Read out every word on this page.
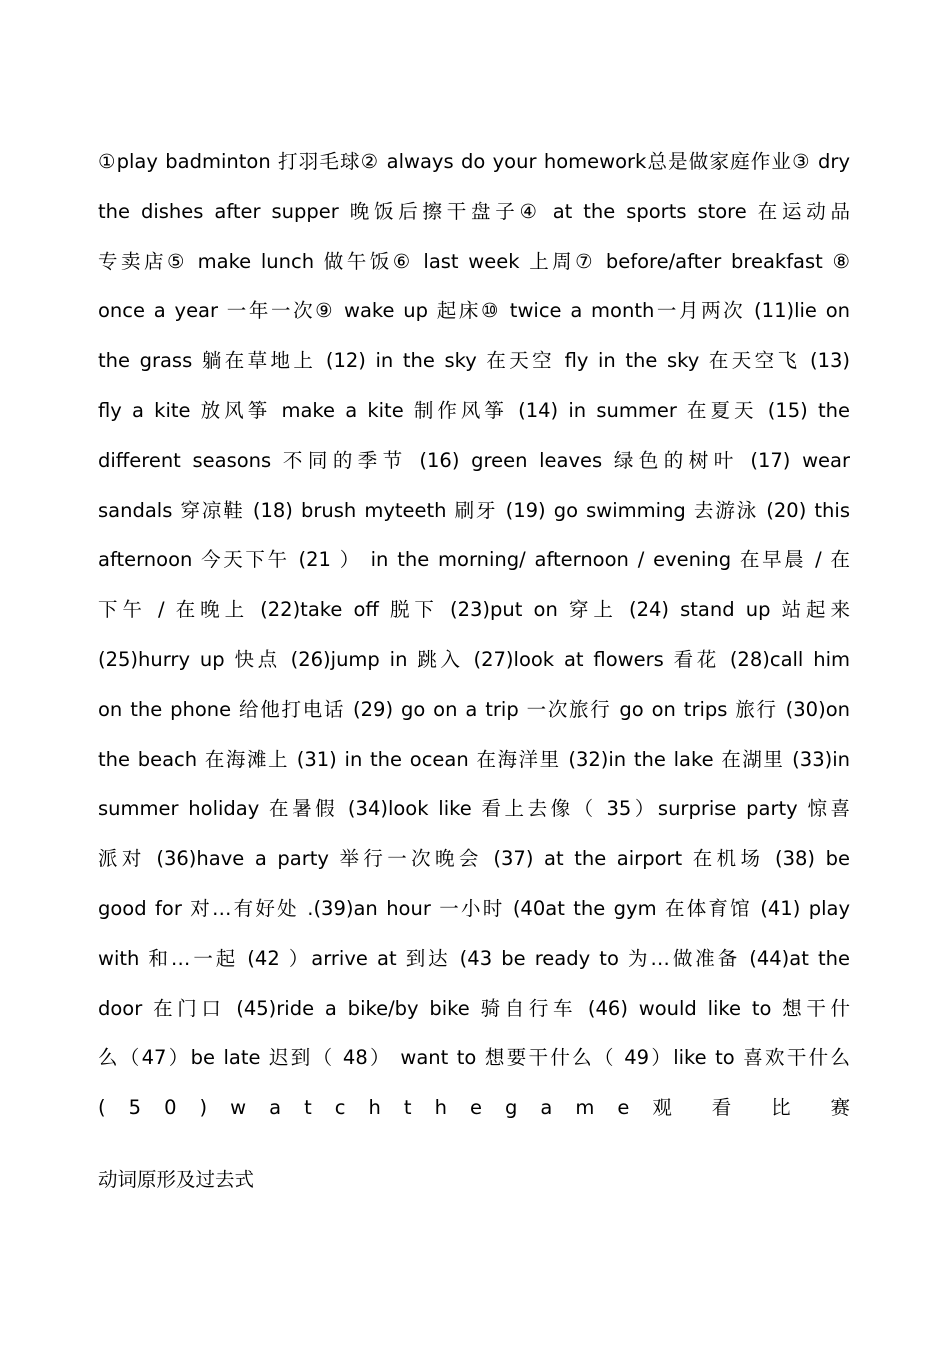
①play badminton 打羽毛球② always do your homework总是做家庭作业③ dry
the dishes after supper 晚饭后擦干盘子④ at the sports store 在运动品
专卖店⑤ make lunch 做午饭⑥ last week 上周⑦ before/after breakfast ⑧
once a year 一年一次⑨ wake up 起床⑩ twice a month一月两次 (11)lie on
the grass 躺在草地上 (12) in the sky 在天空 fly in the sky 在天空飞 (13)
fly a kite 放风筝 make a kite 制作风筝 (14) in summer 在夏天 (15) the
different seasons 不同的季节 (16) green leaves 绿色的树叶 (17) wear
sandals 穿凉鞋 (18) brush myteeth 刷牙 (19) go swimming 去游泳 (20) this
afternoon 今天下午 (21 ） in the morning/ afternoon / evening 在早晨 / 在
下午 / 在晚上 (22)take off 脱下 (23)put on 穿上 (24) stand up 站起来
(25)hurry up 快点 (26)jump in 跳入 (27)look at flowers 看花 (28)call him
on the phone 给他打电话 (29) go on a trip 一次旅行 go on trips 旅行 (30)on
the beach 在海滩上 (31) in the ocean 在海洋里 (32)in the lake 在湖里 (33)in
summer holiday 在暑假 (34)look like 看上去像（ 35）surprise party 惊喜
派对 (36)have a party 举行一次晚会 (37) at the airport 在机场 (38) be
good for 对…有好处 .(39)an hour 一小时 (40at the gym 在体育馆 (41) play
with 和…一起 (42 ）arrive at 到达 (43 be ready to 为…做准备 (44)at the
door 在门口 (45)ride a bike/by bike 骑自行车 (46) would like to 想干什
么（47）be late 迟到（ 48） want to 想要干什么（ 49）like to 喜欢干什么
( 5 0 ) w a t c h t h e g a m e 观 看 比 赛
动词原形及过去式
